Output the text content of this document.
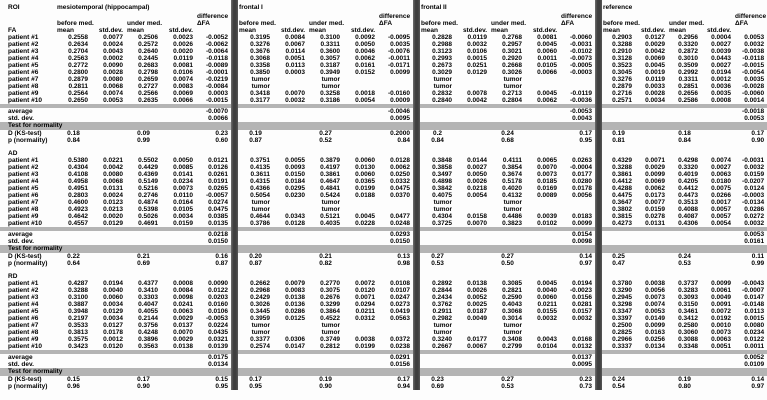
ROI	mesiotemporal (hippocampal)						frontal I						frontal II						reference				
					difference						difference						difference						difference
	before med.		under med.		ΔFA		before med.		under med.		ΔFA		before med.		under med.		ΔFA		before med.		under med.		ΔFA
FA	mean	std.dev.	mean	std.dev.			mean	std.dev.	mean	std.dev.			mean	std.dev.	mean	std.dev.			mean	std.dev.	mean	std.dev.	
patient #1	0.2558	0.0077	0.2506	0.0023	-0.0052		0.3195	0.0084	0.3100	0.0092	-0.0095		0.2828	0.0119	0.2768	0.0081	-0.0060		0.2903	0.0127	0.2956	0.0004	0.0053
patient #2	0.2634	0.0024	0.2572	0.0026	-0.0062		0.3276	0.0067	0.3311	0.0050	0.0035		0.2988	0.0032	0.2957	0.0045	-0.0031		0.3288	0.0029	0.3320	0.0027	0.0032
patient #3	0.2704	0.0043	0.2640	0.0020	-0.0064		0.3676	0.0114	0.3600	0.0046	-0.0076		0.3123	0.0106	0.3021	0.0060	-0.0102		0.2910	0.0042	0.2872	0.0039	-0.0038
patient #4	0.2563	0.0002	0.2445	0.0119	-0.0118		0.3068	0.0051	0.3057	0.0062	-0.0011		0.2993	0.0015	0.2920	0.0011	-0.0073		0.3128	0.0069	0.3010	0.0443	-0.0118
patient #5	0.2772	0.0090	0.2683	0.0081	-0.0089		0.3358	0.0113	0.3187	0.0161	-0.0171		0.2673	0.0251	0.2668	0.0105	-0.0005		0.3523	0.0045	0.3509	0.0027	-0.0015
patient #6	0.2800	0.0028	0.2798	0.0106	-0.0001		0.3850	0.0003	0.3949	0.0152	0.0099		0.3029	0.0129	0.3026	0.0066	-0.0003		0.3045	0.0019	0.2992	0.0194	-0.0054
patient #7	0.2879	0.0080	0.2659	0.0074	-0.0219		tumor		tumor				tumor		tumor				0.3276	0.0119	0.3311	0.0012	0.0035
patient #8	0.2811	0.0068	0.2727	0.0083	-0.0084		tumor		tumor				tumor		tumor				0.2879	0.0033	0.2851	0.0036	-0.0028
patient #9	0.2564	0.0074	0.2566	0.0069	0.0003		0.3418	0.0070	0.3258	0.0018	-0.0160		0.2832	0.0078	0.2713	0.0045	-0.0119		0.2716	0.0028	0.2656	0.0035	-0.0060
patient #10	0.2650	0.0053	0.2635	0.0066	-0.0015		0.3177	0.0032	0.3186	0.0054	0.0009		0.2840	0.0042	0.2804	0.0062	-0.0036		0.2571	0.0034	0.2586	0.0008	0.0014

average					-0.0070						-0.0046						-0.0053						-0.0018
std. dev.					0.0066						0.0095						0.0043						0.0053
Test for normality																							
D (KS-test)	0.18		0.09		0.23		0.19		0.27		0.2000		0.2		0.24		0.17		0.19		0.18		0.17
p (normality)	0.84		0.99		0.60		0.87		0.52		0.84		0.84		0.68		0.95		0.81		0.84		0.90

AD																							
patient #1	0.5380	0.0221	0.5502	0.0050	0.0121		0.3751	0.0055	0.3879	0.0060	0.0128		0.3848	0.0144	0.4111	0.0065	0.0263		0.4329	0.0071	0.4298	0.0074	-0.0031
patient #2	0.4304	0.0042	0.4429	0.0085	0.0126		0.4135	0.0093	0.4197	0.0130	0.0062		0.3858	0.0027	0.3854	0.0070	-0.0004		0.3288	0.0029	0.3320	0.0027	0.0032
patient #3	0.4108	0.0080	0.4369	0.0141	0.0261		0.3611	0.0150	0.3861	0.0060	0.0250		0.3497	0.0050	0.3674	0.0073	0.0177		0.3861	0.0099	0.4019	0.0063	0.0159
patient #4	0.4958	0.0068	0.5149	0.0234	0.0191		0.4315	0.0184	0.4647	0.0365	0.0332		0.4898	0.0026	0.5178	0.0185	0.0280		0.4412	0.0069	0.4205	0.0180	-0.0207
patient #5	0.4951	0.0131	0.5216	0.0073	0.0265		0.4366	0.0295	0.4841	0.0199	0.0475		0.3842	0.0218	0.4020	0.0169	0.0178		0.4288	0.0062	0.4412	0.0075	0.0124
patient #6	0.2803	0.0024	0.2746	0.0110	-0.0057		0.5054	0.0230	0.5424	0.0188	0.0370		0.4075	0.0054	0.4132	0.0089	0.0056		0.4475	0.0173	0.4473	0.0266	-0.0003
patient #7	0.4600	0.0123	0.4874	0.0164	0.0274		tumor		tumor				tumor		tumor				0.3647	0.0077	0.3513	0.0017	-0.0134
patient #8	0.4923	0.0213	0.5398	0.0105	0.0475		tumor		tumor				tumor		tumor				0.3802	0.0159	0.4088	0.0057	0.0286
patient #9	0.4642	0.0020	0.5026	0.0034	0.0385		0.4644	0.0343	0.5121	0.0045	0.0477		0.4304	0.0158	0.4486	0.0039	0.0183		0.3815	0.0278	0.4087	0.0057	0.0272
patient #10	0.4557	0.0129	0.4691	0.0159	0.0135		0.3786	0.0128	0.4035	0.0228	0.0248		0.3725	0.0070	0.3823	0.0102	0.0099		0.4273	0.0131	0.4306	0.0054	0.0032

average					0.0218						0.0293						0.0154						0.0053
std. dev.					0.0150						0.0150						0.0098						0.0161
Test for normality																							
D (KS-test)	0.22		0.21		0.16		0.20		0.21		0.13		0.27		0.27		0.14		0.25		0.24		0.11
p (normality)	0.64		0.69		0.87		0.87		0.82		0.98		0.53		0.50		0.97		0.47		0.53		0.99

RD																							
patient #1	0.4287	0.0194	0.4377	0.0008	0.0090		0.2662	0.0079	0.2770	0.0072	0.0108		0.2892	0.0138	0.3085	0.0045	0.0194		0.3780	0.0038	0.3737	0.0099	-0.0043
patient #2	0.3288	0.0040	0.3410	0.0084	0.0122		0.2968	0.0083	0.3075	0.0120	0.0107		0.2844	0.0026	0.2821	0.0040	-0.0023		0.3290	0.0056	0.3283	0.0061	-0.0007
patient #3	0.3100	0.0060	0.3303	0.0098	0.0203		0.2429	0.0138	0.2676	0.0071	0.0247		0.2434	0.0052	0.2590	0.0060	0.0156		0.2945	0.0073	0.3093	0.0049	0.0147
patient #4	0.3887	0.0034	0.4047	0.0241	0.0160		0.3026	0.0136	0.3299	0.0294	0.0273		0.3762	0.0025	0.4043	0.0211	0.0281		0.3298	0.0074	0.3150	0.0091	-0.0148
patient #5	0.3948	0.0129	0.4055	0.0063	0.0106		0.3445	0.0286	0.3864	0.0211	0.0419		0.2911	0.0187	0.3068	0.0155	0.0157		0.3347	0.0053	0.3461	0.0072	0.0113
patient #6	0.2197	0.0034	0.2144	0.0029	-0.0053		0.3959	0.0125	0.4522	0.0312	0.0563		0.2982	0.0049	0.3014	0.0032	0.0032		0.3397	0.0149	0.3412	0.0192	0.0015
patient #7	0.3533	0.0127	0.3756	0.0137	0.0224		tumor		tumor				tumor		tumor				0.2500	0.0099	0.2580	0.0010	0.0080
patient #8	0.3813	0.0178	0.4248	0.0070	0.0435		tumor		tumor				tumor		tumor				0.2825	0.0163	0.3060	0.0073	0.0234
patient #9	0.3575	0.0012	0.3896	0.0029	0.0321		0.3377	0.0306	0.3749	0.0038	0.0372		0.3240	0.0177	0.3408	0.0043	0.0168		0.2966	0.0256	0.3088	0.0063	0.0122
patient #10	0.3423	0.0120	0.3563	0.0138	0.0139		0.2574	0.0147	0.2812	0.0199	0.0238		0.2667	0.0067	0.2799	0.0104	0.0132		0.3337	0.0134	0.3348	0.0051	0.0011

average					0.0175						0.0291						0.0137						0.0052
std. dev.					0.0134						0.0156						0.0095						0.0109
Test for normality																							
D (KS-test)	0.15		0.17		0.15		0.17		0.19		0.17		0.23		0.27		0.23		0.24		0.19		0.14
p (normality)	0.96		0.90		0.95		0.95		0.90		0.94		0.69		0.53		0.73		0.54		0.80		0.97
